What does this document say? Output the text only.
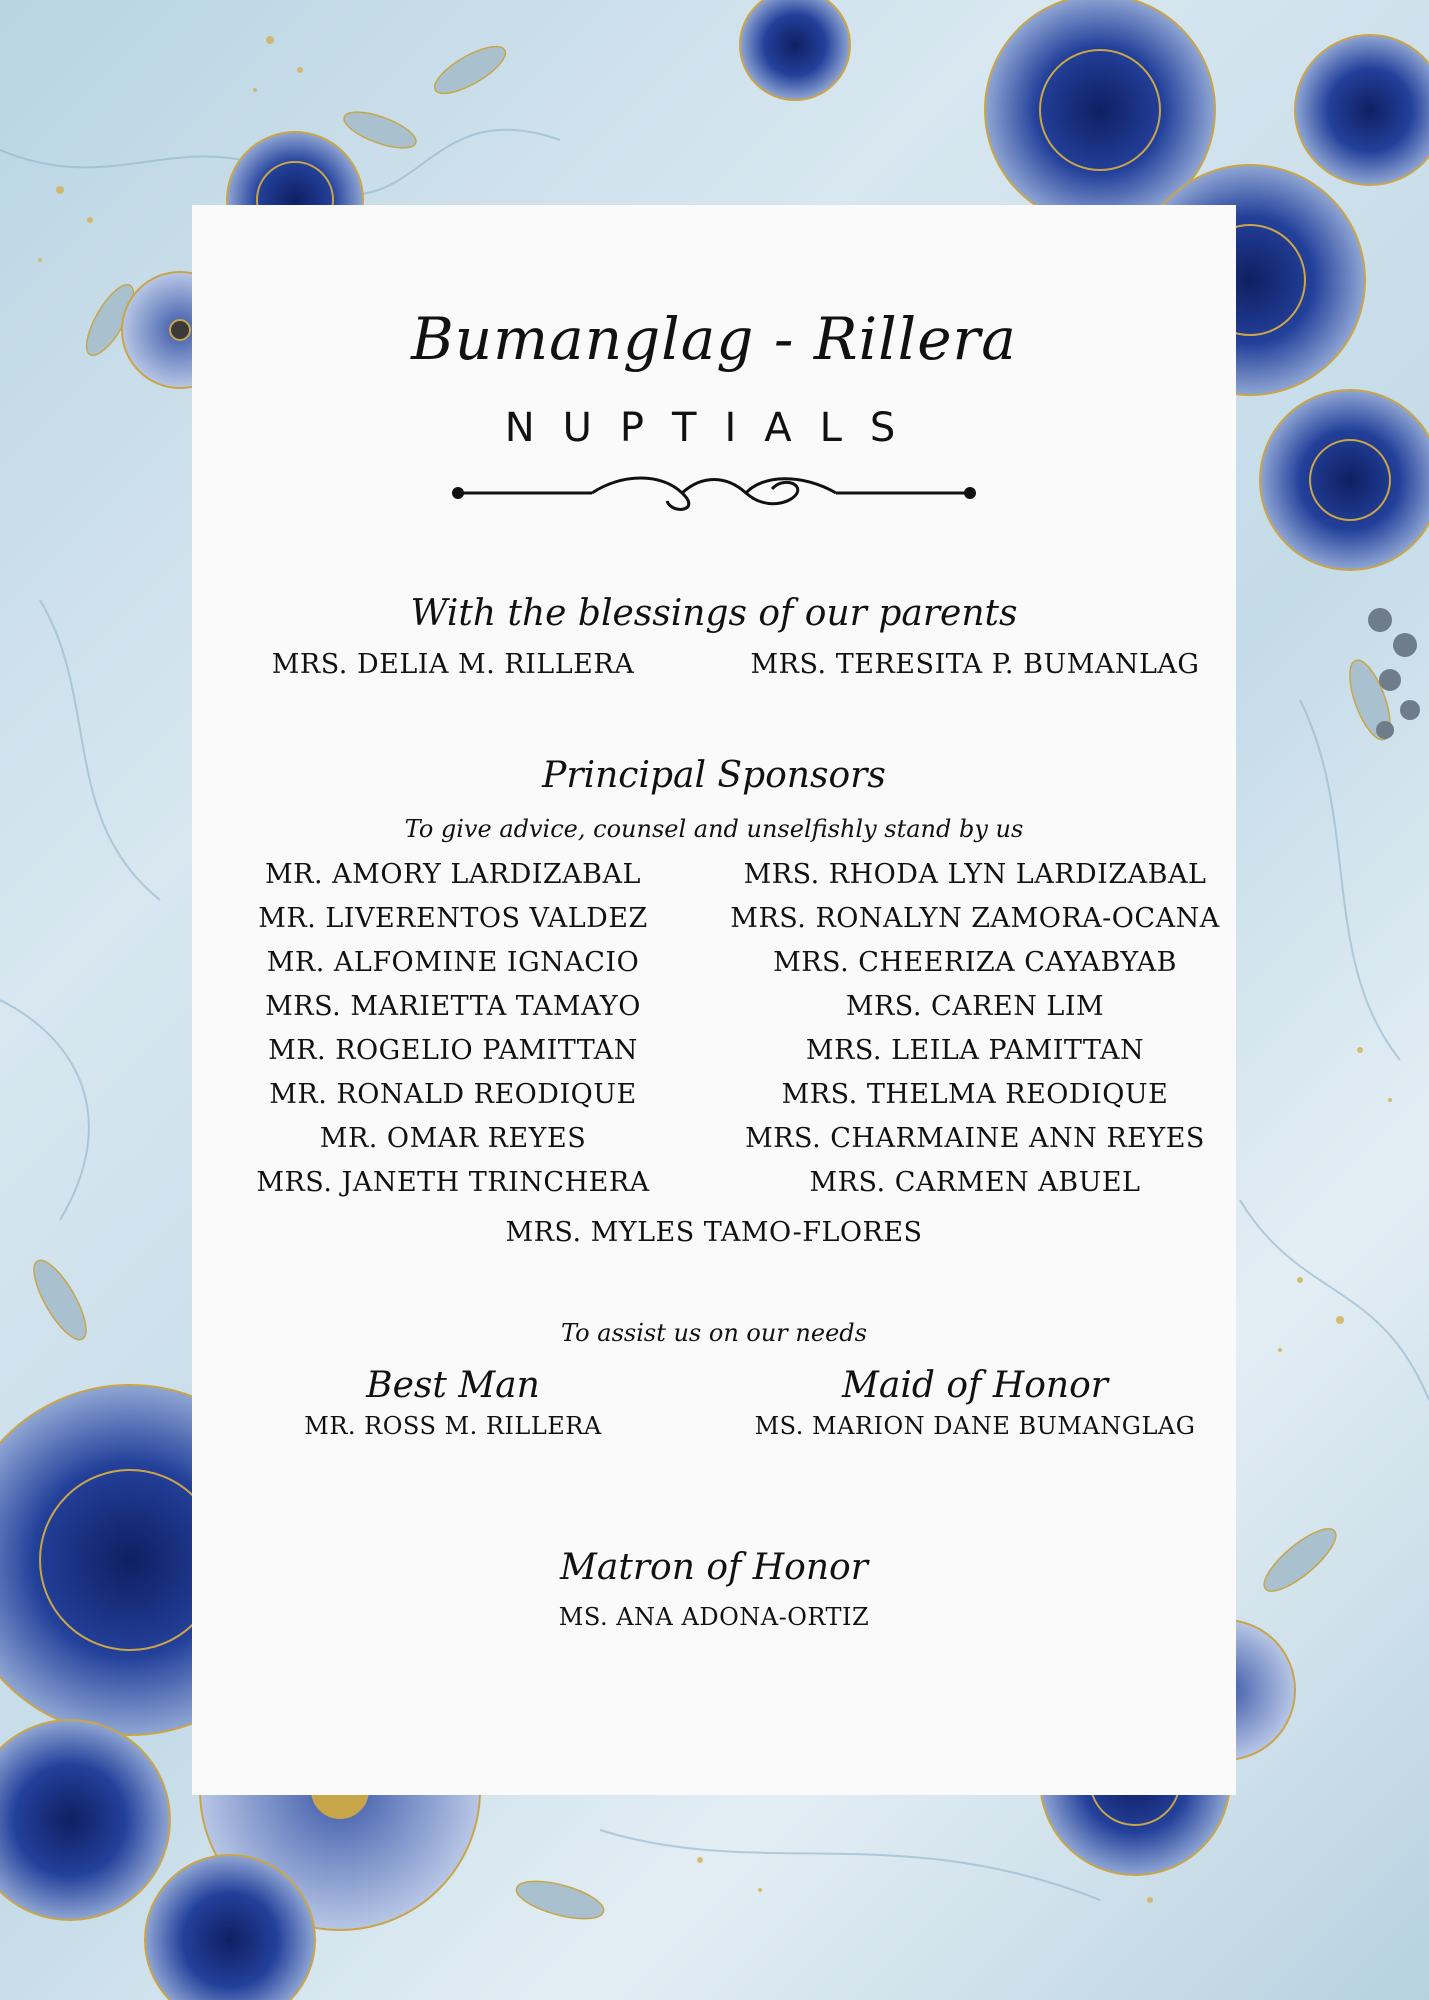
Bumanglag - Rillera
NUPTIALS
With the blessings of our parents
MRS. DELIA M. RILLERA	MRS. TERESITA P. BUMANLAG
Principal Sponsors
To give advice, counsel and unselfishly stand by us
MR. AMORY LARDIZABAL
MR. LIVERENTOS VALDEZ
MR. ALFOMINE IGNACIO
MRS. MARIETTA TAMAYO
MR. ROGELIO PAMITTAN
MR. RONALD REODIQUE
MR. OMAR REYES
MRS. JANETH TRINCHERA
MRS. RHODA LYN LARDIZABAL
MRS. RONALYN ZAMORA-OCANA
MRS. CHEERIZA CAYABYAB
MRS. CAREN LIM
MRS. LEILA PAMITTAN
MRS. THELMA REODIQUE
MRS. CHARMAINE ANN REYES
MRS. CARMEN ABUEL
MRS. MYLES TAMO-FLORES
To assist us on our needs
Best Man
MR. ROSS M. RILLERA
Maid of Honor
MS. MARION DANE BUMANGLAG
Matron of Honor
MS. ANA ADONA-ORTIZ
